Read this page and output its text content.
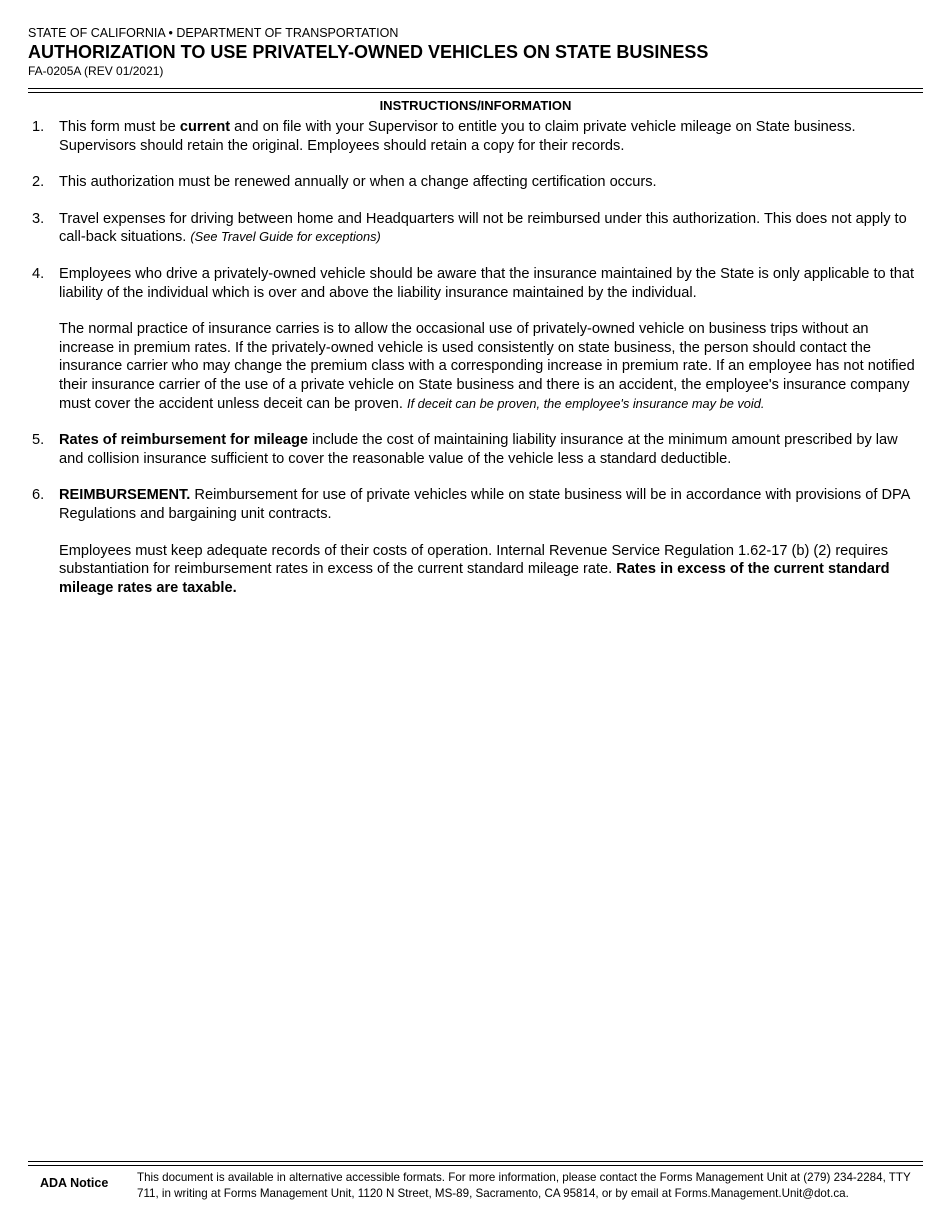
STATE OF CALIFORNIA • DEPARTMENT OF TRANSPORTATION
AUTHORIZATION TO USE PRIVATELY-OWNED VEHICLES ON STATE BUSINESS
FA-0205A (REV 01/2021)
INSTRUCTIONS/INFORMATION
1. This form must be current and on file with your Supervisor to entitle you to claim private vehicle mileage on State business. Supervisors should retain the original. Employees should retain a copy for their records.
2. This authorization must be renewed annually or when a change affecting certification occurs.
3. Travel expenses for driving between home and Headquarters will not be reimbursed under this authorization. This does not apply to call-back situations. (See Travel Guide for exceptions)
4. Employees who drive a privately-owned vehicle should be aware that the insurance maintained by the State is only applicable to that liability of the individual which is over and above the liability insurance maintained by the individual.
The normal practice of insurance carries is to allow the occasional use of privately-owned vehicle on business trips without an increase in premium rates. If the privately-owned vehicle is used consistently on state business, the person should contact the insurance carrier who may change the premium class with a corresponding increase in premium rate. If an employee has not notified their insurance carrier of the use of a private vehicle on State business and there is an accident, the employee's insurance company must cover the accident unless deceit can be proven. If deceit can be proven, the employee's insurance may be void.
5. Rates of reimbursement for mileage include the cost of maintaining liability insurance at the minimum amount prescribed by law and collision insurance sufficient to cover the reasonable value of the vehicle less a standard deductible.
6. REIMBURSEMENT. Reimbursement for use of private vehicles while on state business will be in accordance with provisions of DPA Regulations and bargaining unit contracts.
Employees must keep adequate records of their costs of operation. Internal Revenue Service Regulation 1.62-17 (b) (2) requires substantiation for reimbursement rates in excess of the current standard mileage rate. Rates in excess of the current standard mileage rates are taxable.
ADA Notice This document is available in alternative accessible formats. For more information, please contact the Forms Management Unit at (279) 234-2284, TTY 711, in writing at Forms Management Unit, 1120 N Street, MS-89, Sacramento, CA 95814, or by email at Forms.Management.Unit@dot.ca.
